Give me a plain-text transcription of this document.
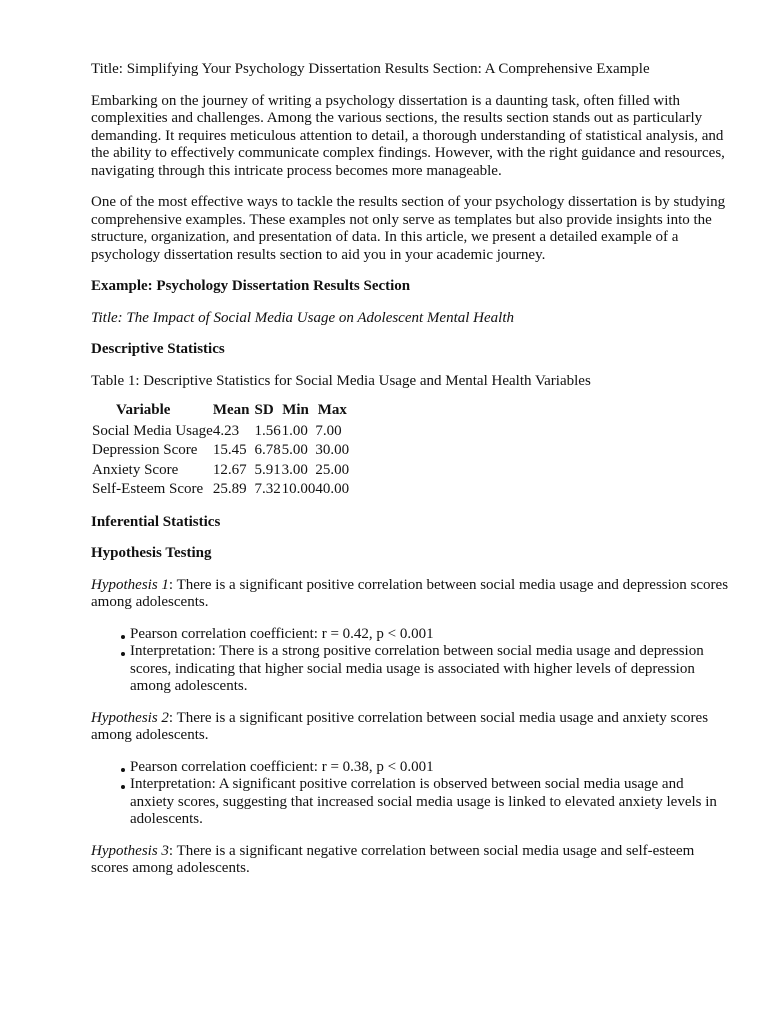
Title: Simplifying Your Psychology Dissertation Results Section: A Comprehensive Example

Embarking on the journey of writing a psychology dissertation is a daunting task, often filled with complexities and challenges. Among the various sections, the results section stands out as particularly demanding. It requires meticulous attention to detail, a thorough understanding of statistical analysis, and the ability to effectively communicate complex findings. However, with the right guidance and resources, navigating through this intricate process becomes more manageable.

One of the most effective ways to tackle the results section of your psychology dissertation is by studying comprehensive examples. These examples not only serve as templates but also provide insights into the structure, organization, and presentation of data. In this article, we present a detailed example of a psychology dissertation results section to aid you in your academic journey.

Example: Psychology Dissertation Results Section

Title: The Impact of Social Media Usage on Adolescent Mental Health

Descriptive Statistics

Table 1: Descriptive Statistics for Social Media Usage and Mental Health Variables

Variable	Mean	SD	Min	Max
Social Media Usage	4.23	1.56	1.00	7.00
Depression Score	15.45	6.78	5.00	30.00
Anxiety Score	12.67	5.91	3.00	25.00
Self-Esteem Score	25.89	7.32	10.00	40.00

Inferential Statistics

Hypothesis Testing

Hypothesis 1: There is a significant positive correlation between social media usage and depression scores among adolescents.

Pearson correlation coefficient: r = 0.42, p < 0.001
Interpretation: There is a strong positive correlation between social media usage and depression scores, indicating that higher social media usage is associated with higher levels of depression among adolescents.

Hypothesis 2: There is a significant positive correlation between social media usage and anxiety scores among adolescents.

Pearson correlation coefficient: r = 0.38, p < 0.001
Interpretation: A significant positive correlation is observed between social media usage and anxiety scores, suggesting that increased social media usage is linked to elevated anxiety levels in adolescents.

Hypothesis 3: There is a significant negative correlation between social media usage and self-esteem scores among adolescents.
